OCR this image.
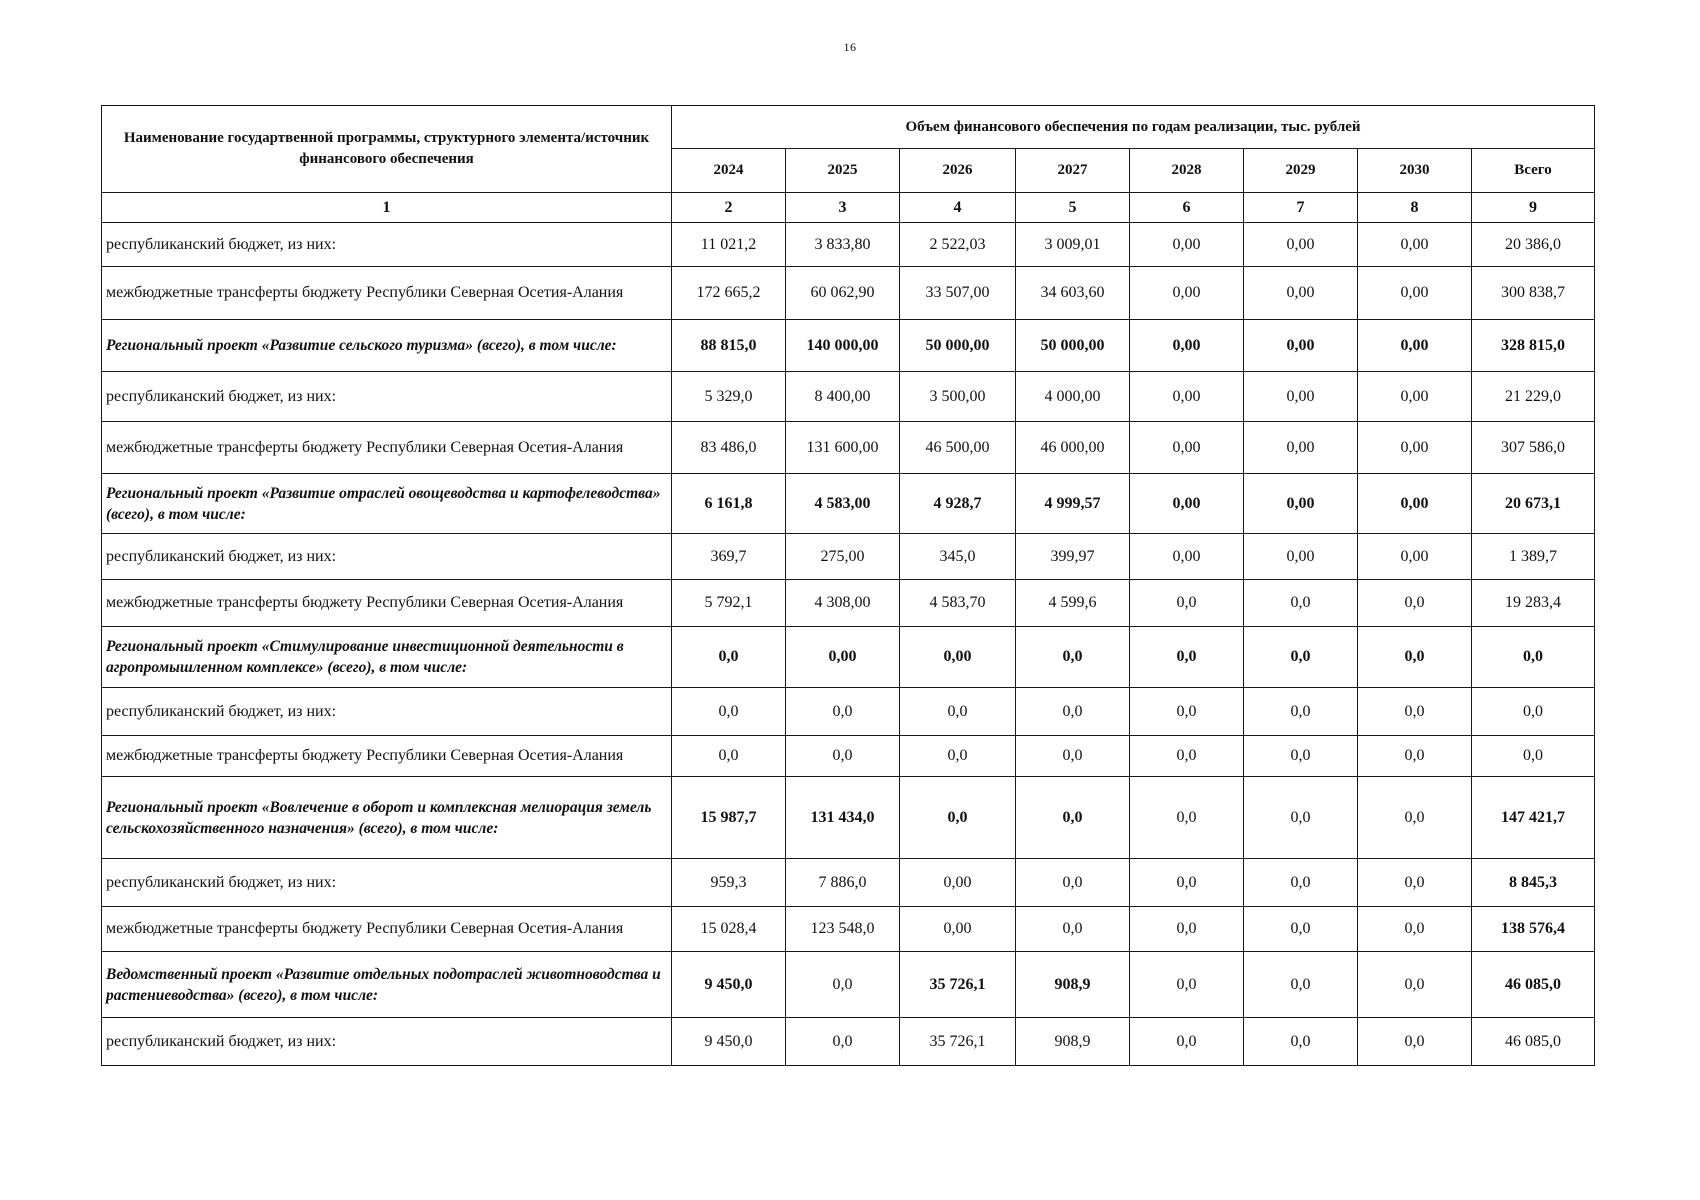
16
Наименование государтвенной программы, структурного элемента/источник финансового обеспечения	Объем финансового обеспечения по годам реализации, тыс. рублей							
	2024	2025	2026	2027	2028	2029	2030	Всего
1	2	3	4	5	6	7	8	9
республиканский бюджет, из них:	11 021,2	3 833,80	2 522,03	3 009,01	0,00	0,00	0,00	20 386,0
межбюджетные трансферты бюджету Республики Северная Осетия-Алания	172 665,2	60 062,90	33 507,00	34 603,60	0,00	0,00	0,00	300 838,7
Региональный проект «Развитие сельского туризма» (всего), в том числе:	88 815,0	140 000,00	50 000,00	50 000,00	0,00	0,00	0,00	328 815,0
республиканский бюджет, из них:	5 329,0	8 400,00	3 500,00	4 000,00	0,00	0,00	0,00	21 229,0
межбюджетные трансферты бюджету Республики Северная Осетия-Алания	83 486,0	131 600,00	46 500,00	46 000,00	0,00	0,00	0,00	307 586,0
Региональный проект «Развитие отраслей овощеводства и картофелеводства» (всего), в том числе:	6 161,8	4 583,00	4 928,7	4 999,57	0,00	0,00	0,00	20 673,1
республиканский бюджет, из них:	369,7	275,00	345,0	399,97	0,00	0,00	0,00	1 389,7
межбюджетные трансферты бюджету Республики Северная Осетия-Алания	5 792,1	4 308,00	4 583,70	4 599,6	0,0	0,0	0,0	19 283,4
Региональный проект «Стимулирование инвестиционной деятельности в агропромышленном комплексе» (всего), в том числе:	0,0	0,00	0,00	0,0	0,0	0,0	0,0	0,0
республиканский бюджет, из них:	0,0	0,0	0,0	0,0	0,0	0,0	0,0	0,0
межбюджетные трансферты бюджету Республики Северная Осетия-Алания	0,0	0,0	0,0	0,0	0,0	0,0	0,0	0,0
Региональный проект «Вовлечение в оборот и комплексная мелиорация земель сельскохозяйственного назначения» (всего), в том числе:	15 987,7	131 434,0	0,0	0,0	0,0	0,0	0,0	147 421,7
республиканский бюджет, из них:	959,3	7 886,0	0,00	0,0	0,0	0,0	0,0	8 845,3
межбюджетные трансферты бюджету Республики Северная Осетия-Алания	15 028,4	123 548,0	0,00	0,0	0,0	0,0	0,0	138 576,4
Ведомственный проект «Развитие отдельных подотраслей животноводства и растениеводства» (всего), в том числе:	9 450,0	0,0	35 726,1	908,9	0,0	0,0	0,0	46 085,0
республиканский бюджет, из них:	9 450,0	0,0	35 726,1	908,9	0,0	0,0	0,0	46 085,0
